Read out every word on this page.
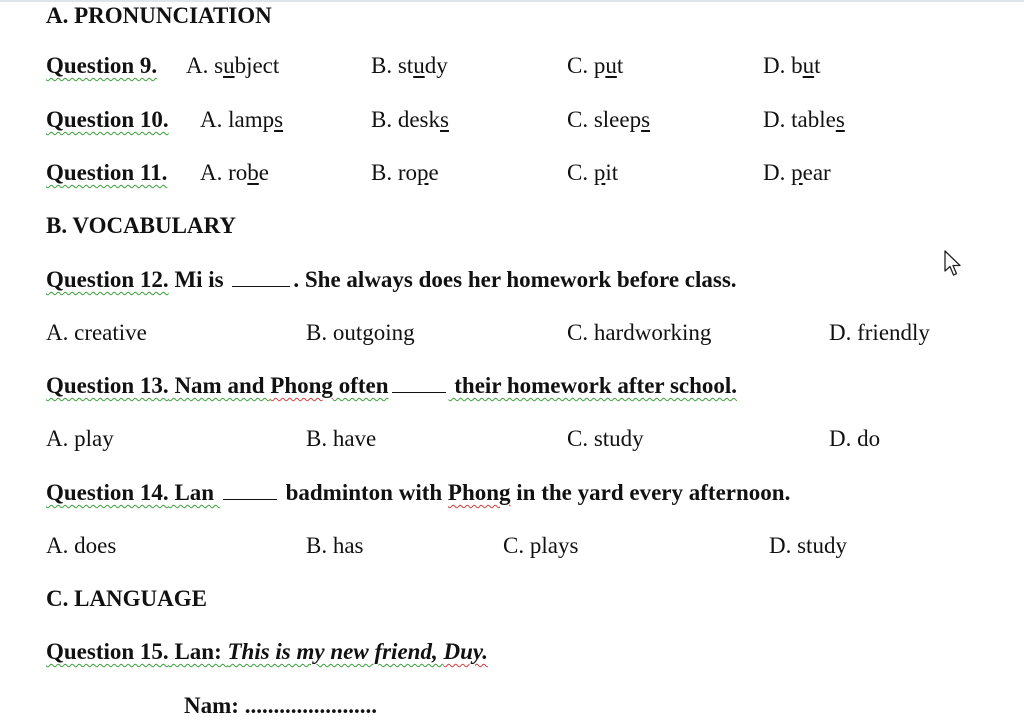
A. PRONUNCIATION
Question 9. A. subject	B. study	C. put	D. but
Question 10. A. lamps	B. desks	C. sleeps	D. tables
Question 11. A. robe	B. rope	C. pit	D. pear
B. VOCABULARY
Question 12. Mi is	. She always does her homework before class.
A. creative	B. outgoing	C. hardworking	D. friendly
Question 13. Nam and Phong often	their homework after school.
A. play	B. have	C. study	D. do
Question 14. Lan	badminton with Phong in the yard every afternoon.
A. does	B. has	C. plays	D. study
C. LANGUAGE
Question 15. Lan: This is my new friend, Duy.
Nam: .......................
